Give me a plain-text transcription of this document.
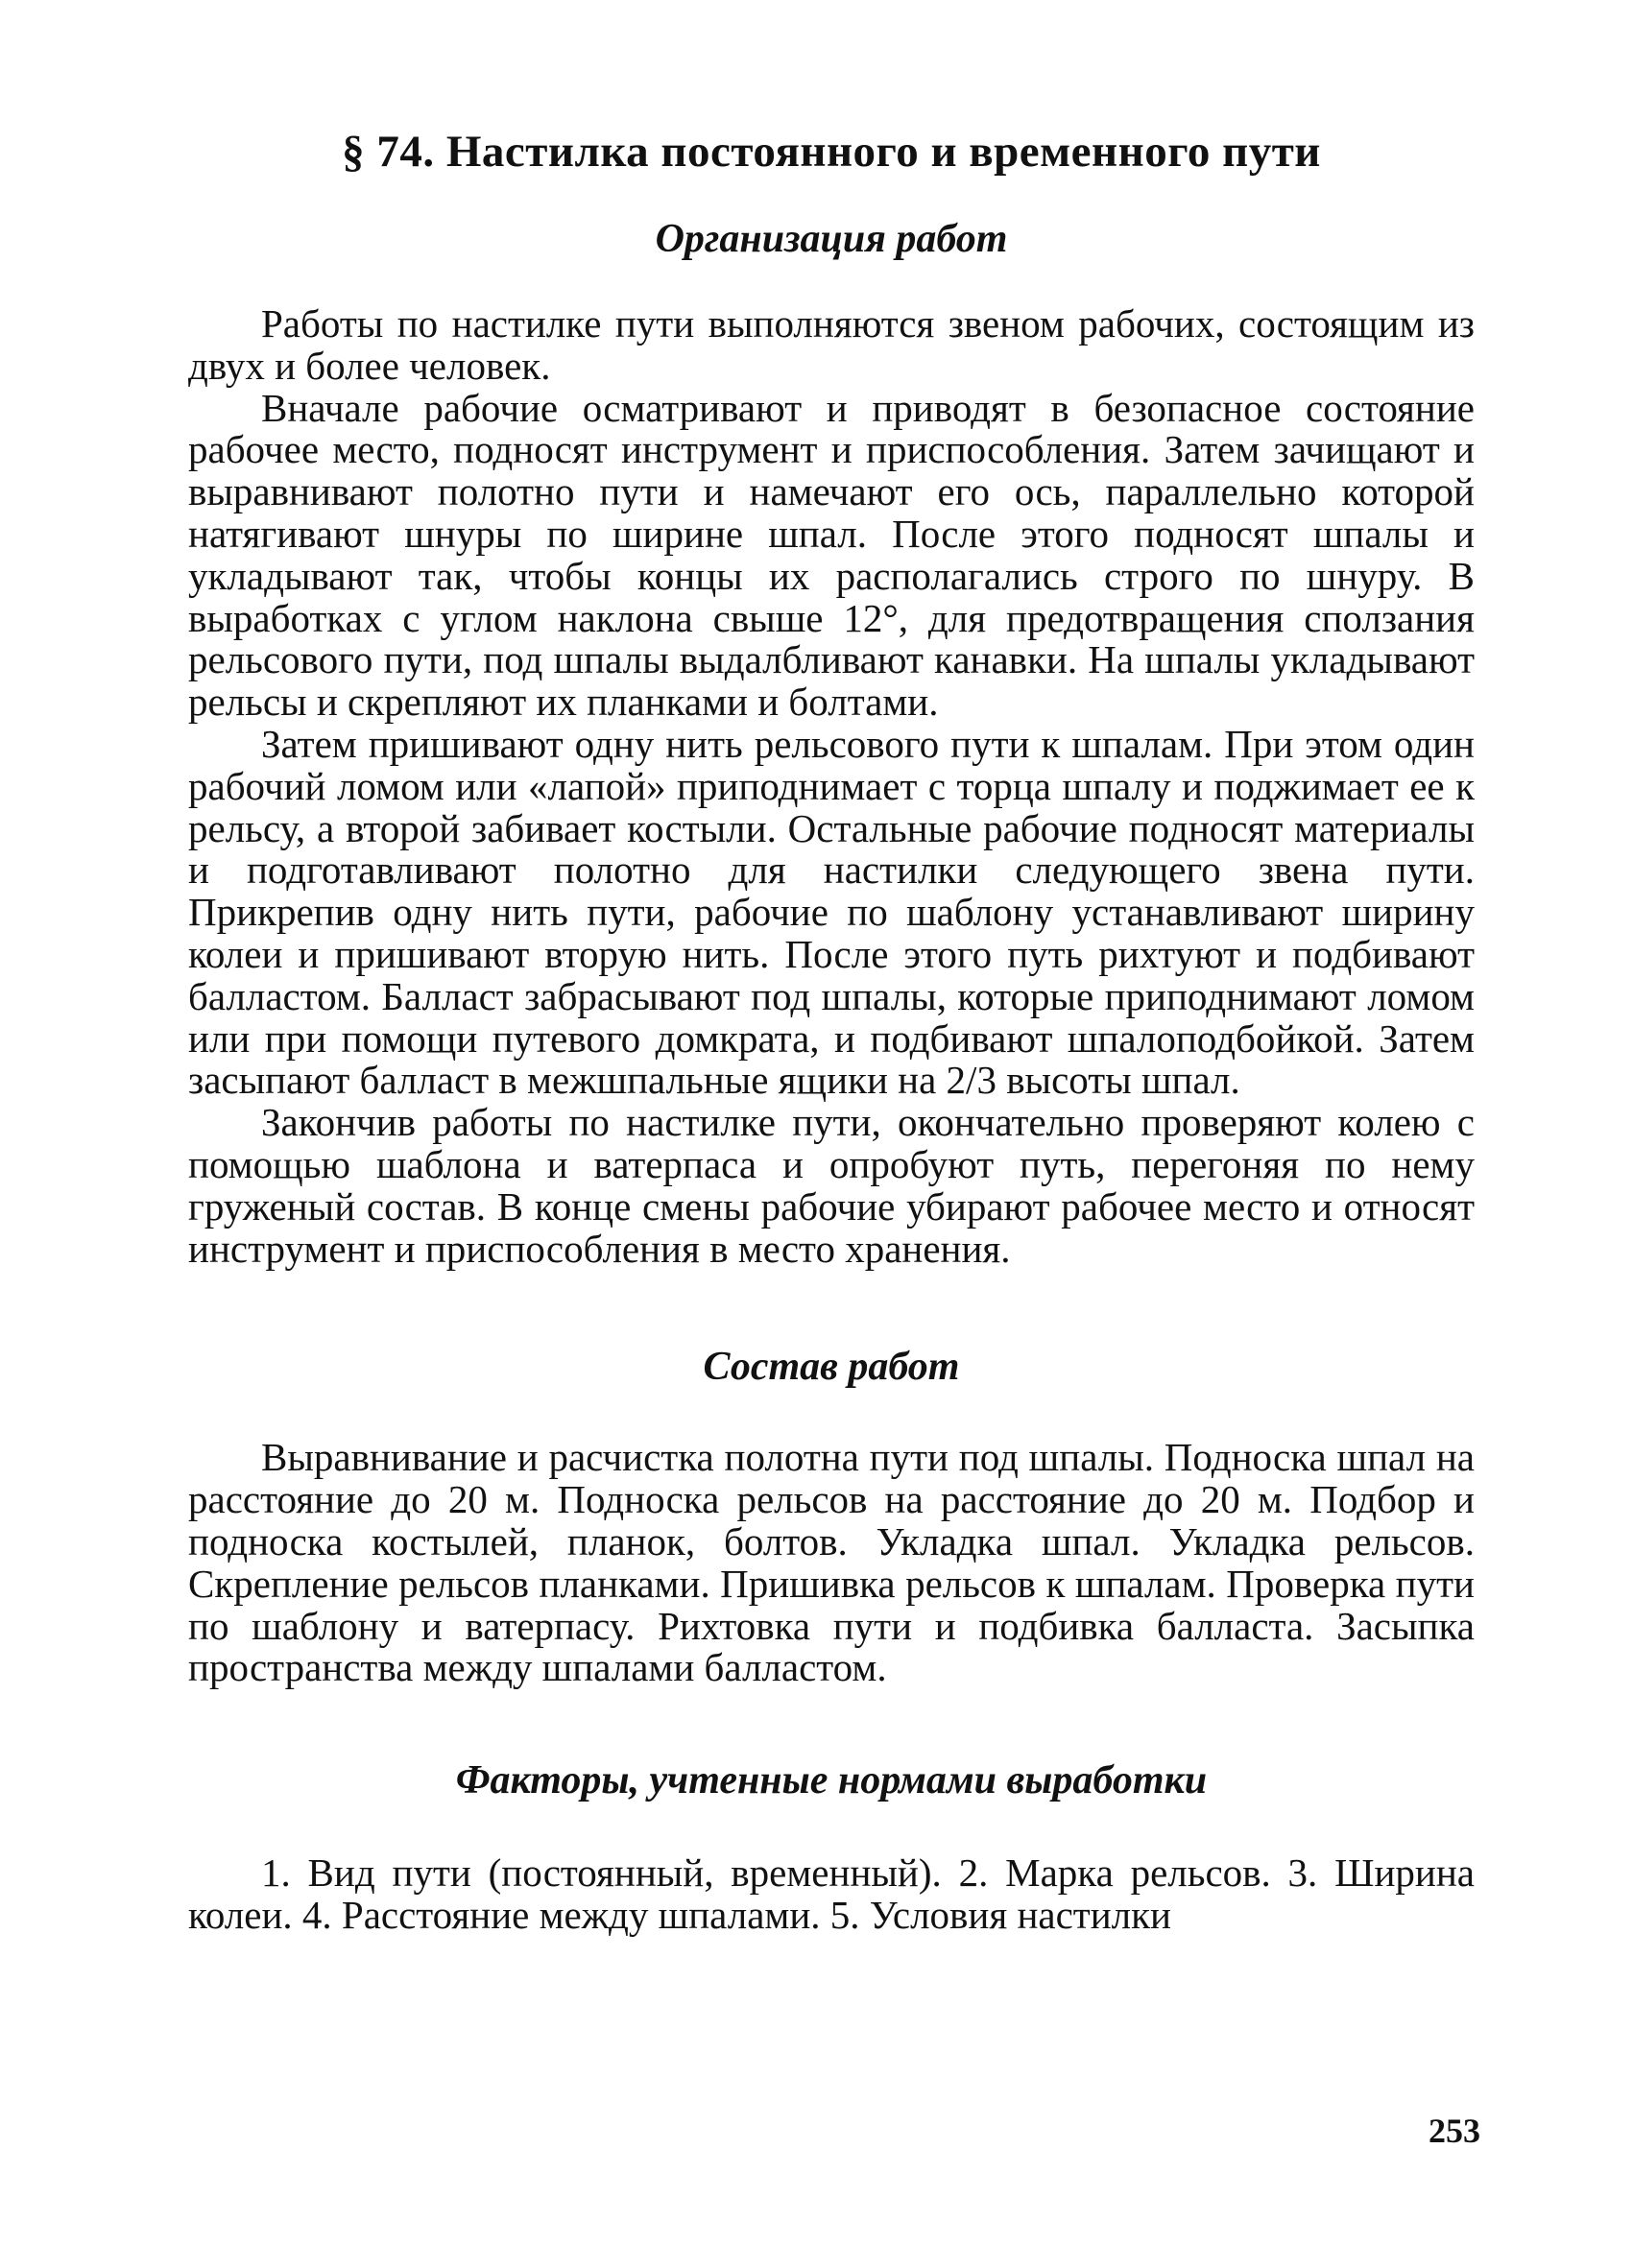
§ 74. Настилка постоянного и временного пути
Организация работ

Работы по настилке пути выполняются звеном рабочих, состоящим из двух и более человек.

Вначале рабочие осматривают и приводят в безопасное состояние рабочее место, подносят инструмент и приспособления. Затем зачищают и выравнивают полотно пути и намечают его ось, параллельно которой натягивают шнуры по ширине шпал. После этого подносят шпалы и укладывают так, чтобы концы их располагались строго по шнуру. В выработках с углом наклона свыше 12°, для предотвращения сползания рельсового пути, под шпалы выдалбливают канавки. На шпалы укладывают рельсы и скрепляют их планками и болтами.

Затем пришивают одну нить рельсового пути к шпалам. При этом один рабочий ломом или «лапой» приподнимает с торца шпалу и поджимает ее к рельсу, а второй забивает костыли. Остальные рабочие подносят материалы и подготавливают полотно для настилки следующего звена пути. Прикрепив одну нить пути, рабочие по шаблону устанавливают ширину колеи и пришивают вторую нить. После этого путь рихтуют и подбивают балластом. Балласт забрасывают под шпалы, которые приподнимают ломом или при помощи путевого домкрата, и подбивают шпалоподбойкой. Затем засыпают балласт в межшпальные ящики на 2/3 высоты шпал.

Закончив работы по настилке пути, окончательно проверяют колею с помощью шаблона и ватерпаса и опробуют путь, перегоняя по нему груженый состав. В конце смены рабочие убирают рабочее место и относят инструмент и приспособления в место хранения.

Состав работ

Выравнивание и расчистка полотна пути под шпалы. Подноска шпал на расстояние до 20 м. Подноска рельсов на расстояние до 20 м. Подбор и подноска костылей, планок, болтов. Укладка шпал. Укладка рельсов. Скрепление рельсов планками. Пришивка рельсов к шпалам. Проверка пути по шаблону и ватерпасу. Рихтовка пути и подбивка балласта. Засыпка пространства между шпалами балластом.

Факторы, учтенные нормами выработки

1. Вид пути (постоянный, временный). 2. Марка рельсов. 3. Ширина колеи. 4. Расстояние между шпалами. 5. Условия настилки

253
